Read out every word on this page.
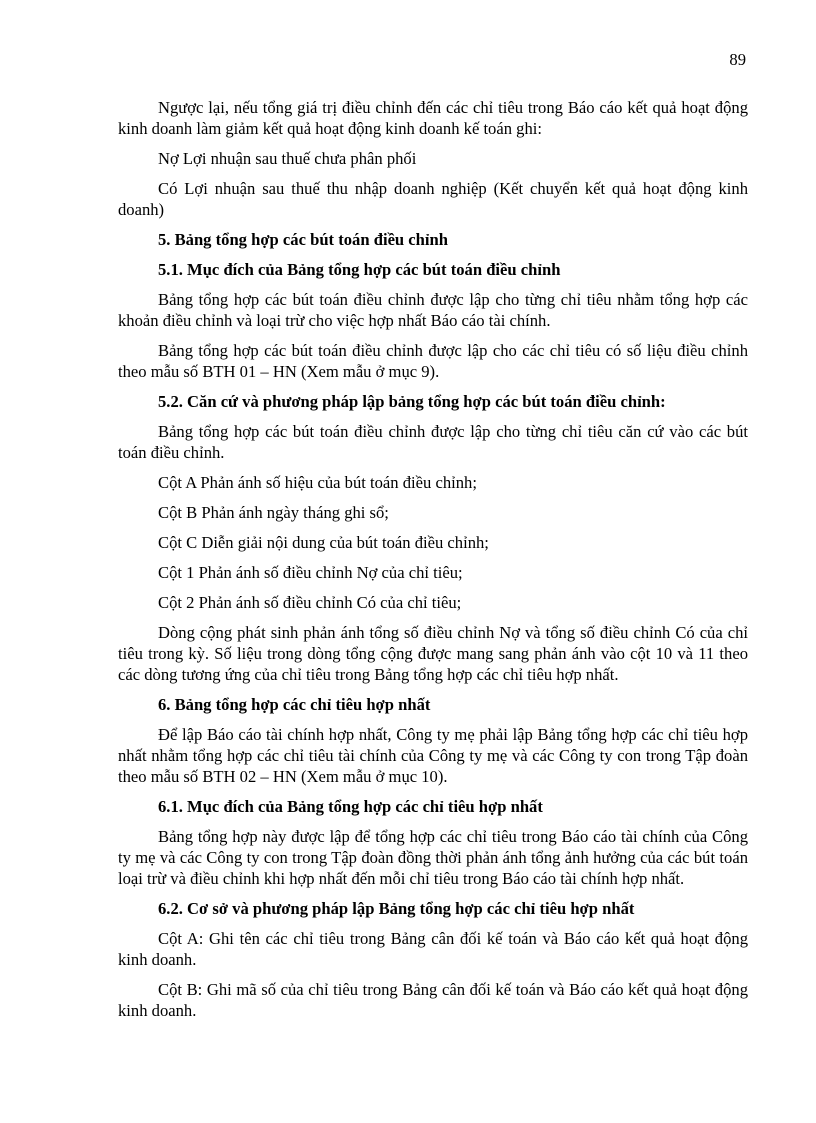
89

Ngược lại, nếu tổng giá trị điều chỉnh đến các chỉ tiêu trong Báo cáo kết quả hoạt động kinh doanh làm giảm kết quả hoạt động kinh doanh kế toán ghi:

Nợ Lợi nhuận sau thuế chưa phân phối

Có Lợi nhuận sau thuế thu nhập doanh nghiệp (Kết chuyển kết quả hoạt động kinh doanh)

5. Bảng tổng hợp các bút toán điều chỉnh
5.1. Mục đích của Bảng tổng hợp các bút toán điều chỉnh

Bảng tổng hợp các bút toán điều chỉnh được lập cho từng chỉ tiêu nhằm tổng hợp các khoản điều chỉnh và loại trừ cho việc hợp nhất Báo cáo tài chính.

Bảng tổng hợp các bút toán điều chỉnh được lập cho các chỉ tiêu có số liệu điều chỉnh theo mẫu số BTH 01 – HN (Xem mẫu ở mục 9).

5.2. Căn cứ và phương pháp lập bảng tổng hợp các bút toán điều chỉnh:

Bảng tổng hợp các bút toán điều chỉnh được lập cho từng chỉ tiêu căn cứ vào các bút toán điều chỉnh.

Cột A Phản ánh số hiệu của bút toán điều chỉnh;

Cột B Phản ánh ngày tháng ghi sổ;

Cột C Diễn giải nội dung của bút toán điều chỉnh;

Cột 1 Phản ánh số điều chỉnh Nợ của chỉ tiêu;

Cột 2 Phản ánh số điều chỉnh Có của chỉ tiêu;

Dòng cộng phát sinh phản ánh tổng số điều chỉnh Nợ và tổng số điều chỉnh Có của chỉ tiêu trong kỳ. Số liệu trong dòng tổng cộng được mang sang phản ánh vào cột 10 và 11 theo các dòng tương ứng của chỉ tiêu trong Bảng tổng hợp các chỉ tiêu hợp nhất.

6. Bảng tổng hợp các chỉ tiêu hợp nhất

Để lập Báo cáo tài chính hợp nhất, Công ty mẹ phải lập Bảng tổng hợp các chỉ tiêu hợp nhất nhằm tổng hợp các chỉ tiêu tài chính của Công ty mẹ và các Công ty con trong Tập đoàn theo mẫu số BTH 02 – HN (Xem mẫu ở mục 10).

6.1. Mục đích của Bảng tổng hợp các chỉ tiêu hợp nhất

Bảng tổng hợp này được lập để tổng hợp các chỉ tiêu trong Báo cáo tài chính của Công ty mẹ và các Công ty con trong Tập đoàn đồng thời phản ánh tổng ảnh hưởng của các bút toán loại trừ và điều chỉnh khi hợp nhất đến mỗi chỉ tiêu trong Báo cáo tài chính hợp nhất.

6.2. Cơ sở và phương pháp lập Bảng tổng hợp các chỉ tiêu hợp nhất

Cột A: Ghi tên các chỉ tiêu trong Bảng cân đối kế toán và Báo cáo kết quả hoạt động kinh doanh.

Cột B: Ghi mã số của chỉ tiêu trong Bảng cân đối kế toán và Báo cáo kết quả hoạt động kinh doanh.
